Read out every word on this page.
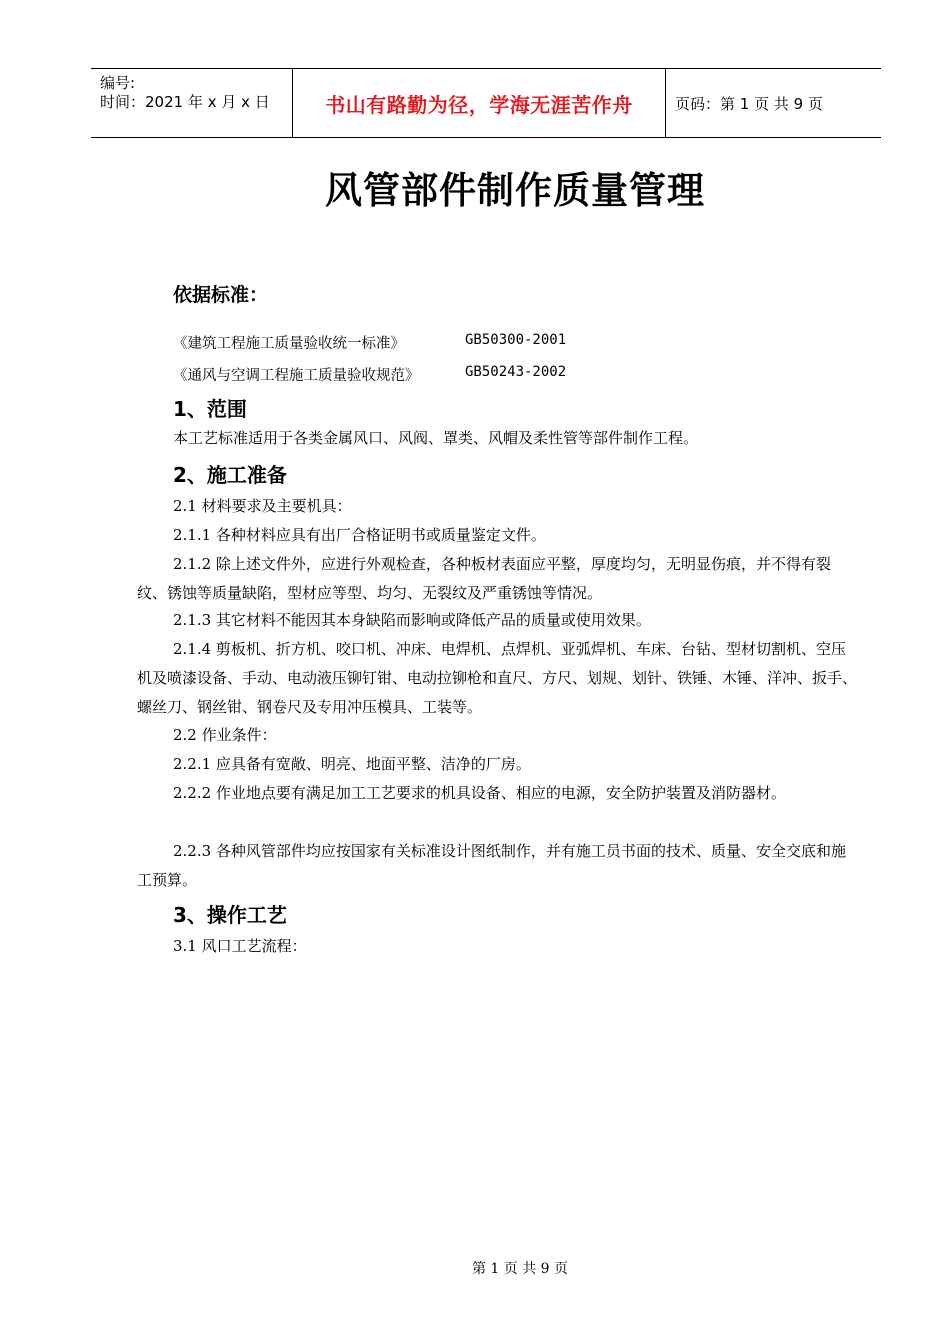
编号:
时间：2021 年 x 月 x 日	书山有路勤为径，学海无涯苦作舟	页码：第 1 页 共 9 页
风管部件制作质量管理
依据标准：
《建筑工程施工质量验收统一标准》	GB50300-2001
《通风与空调工程施工质量验收规范》	GB50243-2002
1、范围
本工艺标准适用于各类金属风口、风阀、罩类、风帽及柔性管等部件制作工程。
2、施工准备
2.1 材料要求及主要机具：
2.1.1 各种材料应具有出厂合格证明书或质量鉴定文件。
2.1.2 除上述文件外，应进行外观检查，各种板材表面应平整，厚度均匀，无明显伤痕，并不得有裂纹、锈蚀等质量缺陷，型材应等型、均匀、无裂纹及严重锈蚀等情况。
2.1.3 其它材料不能因其本身缺陷而影响或降低产品的质量或使用效果。
2.1.4 剪板机、折方机、咬口机、冲床、电焊机、点焊机、亚弧焊机、车床、台钻、型材切割机、空压机及喷漆设备、手动、电动液压铆钉钳、电动拉铆枪和直尺、方尺、划规、划针、铁锤、木锤、洋冲、扳手、螺丝刀、钢丝钳、钢卷尺及专用冲压模具、工装等。
2.2 作业条件：
2.2.1 应具备有宽敞、明亮、地面平整、洁净的厂房。
2.2.2 作业地点要有满足加工工艺要求的机具设备、相应的电源，安全防护装置及消防器材。
2.2.3 各种风管部件均应按国家有关标准设计图纸制作，并有施工员书面的技术、质量、安全交底和施工预算。
3、操作工艺
3.1 风口工艺流程：
第 1 页 共 9 页
